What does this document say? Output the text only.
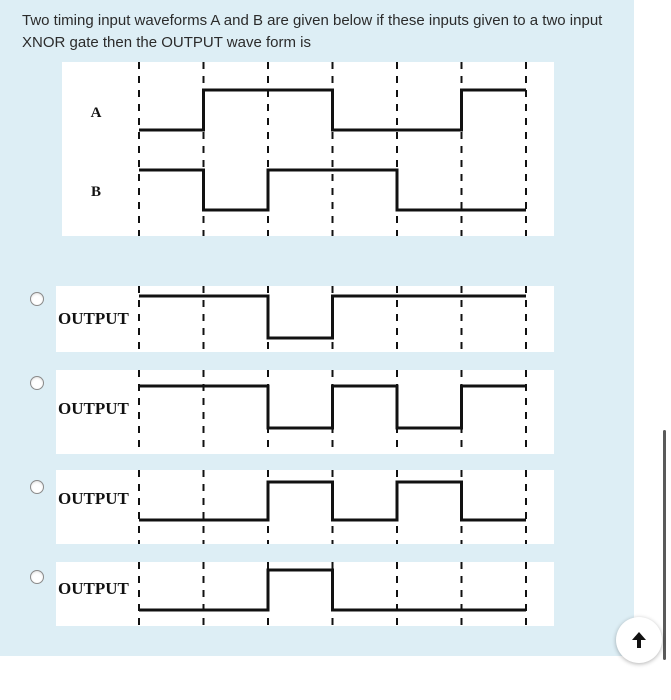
Two timing input waveforms A and B are given below if these inputs given to a two input XNOR gate then the OUTPUT wave form is
A
B
OUTPUT
OUTPUT
OUTPUT
OUTPUT
